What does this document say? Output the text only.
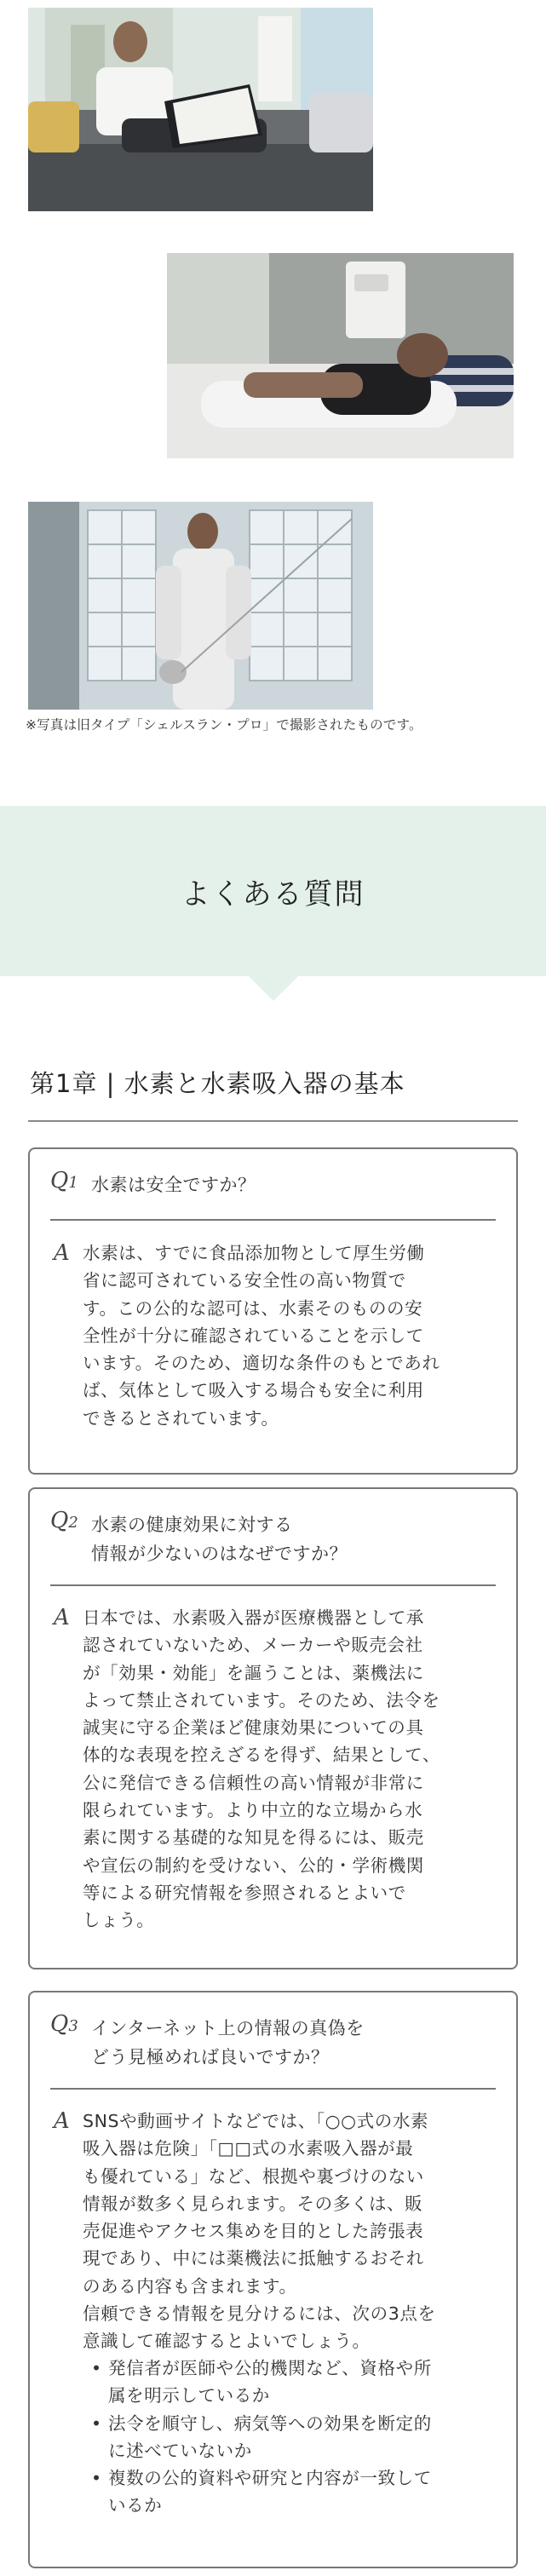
※写真は旧タイプ「シェルスラン・プロ」で撮影されたものです。
よくある質問
第1章 | 水素と水素吸入器の基本
Q1 水素は安全ですか？
A 水素は、すでに食品添加物として厚生労働
省に認可されている安全性の高い物質で
す。この公的な認可は、水素そのものの安
全性が十分に確認されていることを示して
います。そのため、適切な条件のもとであれ
ば、気体として吸入する場合も安全に利用
できるとされています。
Q2 水素の健康効果に対する
情報が少ないのはなぜですか？
A 日本では、水素吸入器が医療機器として承
認されていないため、メーカーや販売会社
が「効果・効能」を謳うことは、薬機法に
よって禁止されています。そのため、法令を
誠実に守る企業ほど健康効果についての具
体的な表現を控えざるを得ず、結果として、
公に発信できる信頼性の高い情報が非常に
限られています。より中立的な立場から水
素に関する基礎的な知見を得るには、販売
や宣伝の制約を受けない、公的・学術機関
等による研究情報を参照されるとよいで
しょう。
Q3 インターネット上の情報の真偽を
どう見極めれば良いですか？
A SNSや動画サイトなどでは、「○○式の水素
吸入器は危険」「□□式の水素吸入器が最
も優れている」など、根拠や裏づけのない
情報が数多く見られます。その多くは、販
売促進やアクセス集めを目的とした誇張表
現であり、中には薬機法に抵触するおそれ
のある内容も含まれます。
信頼できる情報を見分けるには、次の3点を
意識して確認するとよいでしょう。
• 発信者が医師や公的機関など、資格や所
属を明示しているか
• 法令を順守し、病気等への効果を断定的
に述べていないか
• 複数の公的資料や研究と内容が一致して
いるか
